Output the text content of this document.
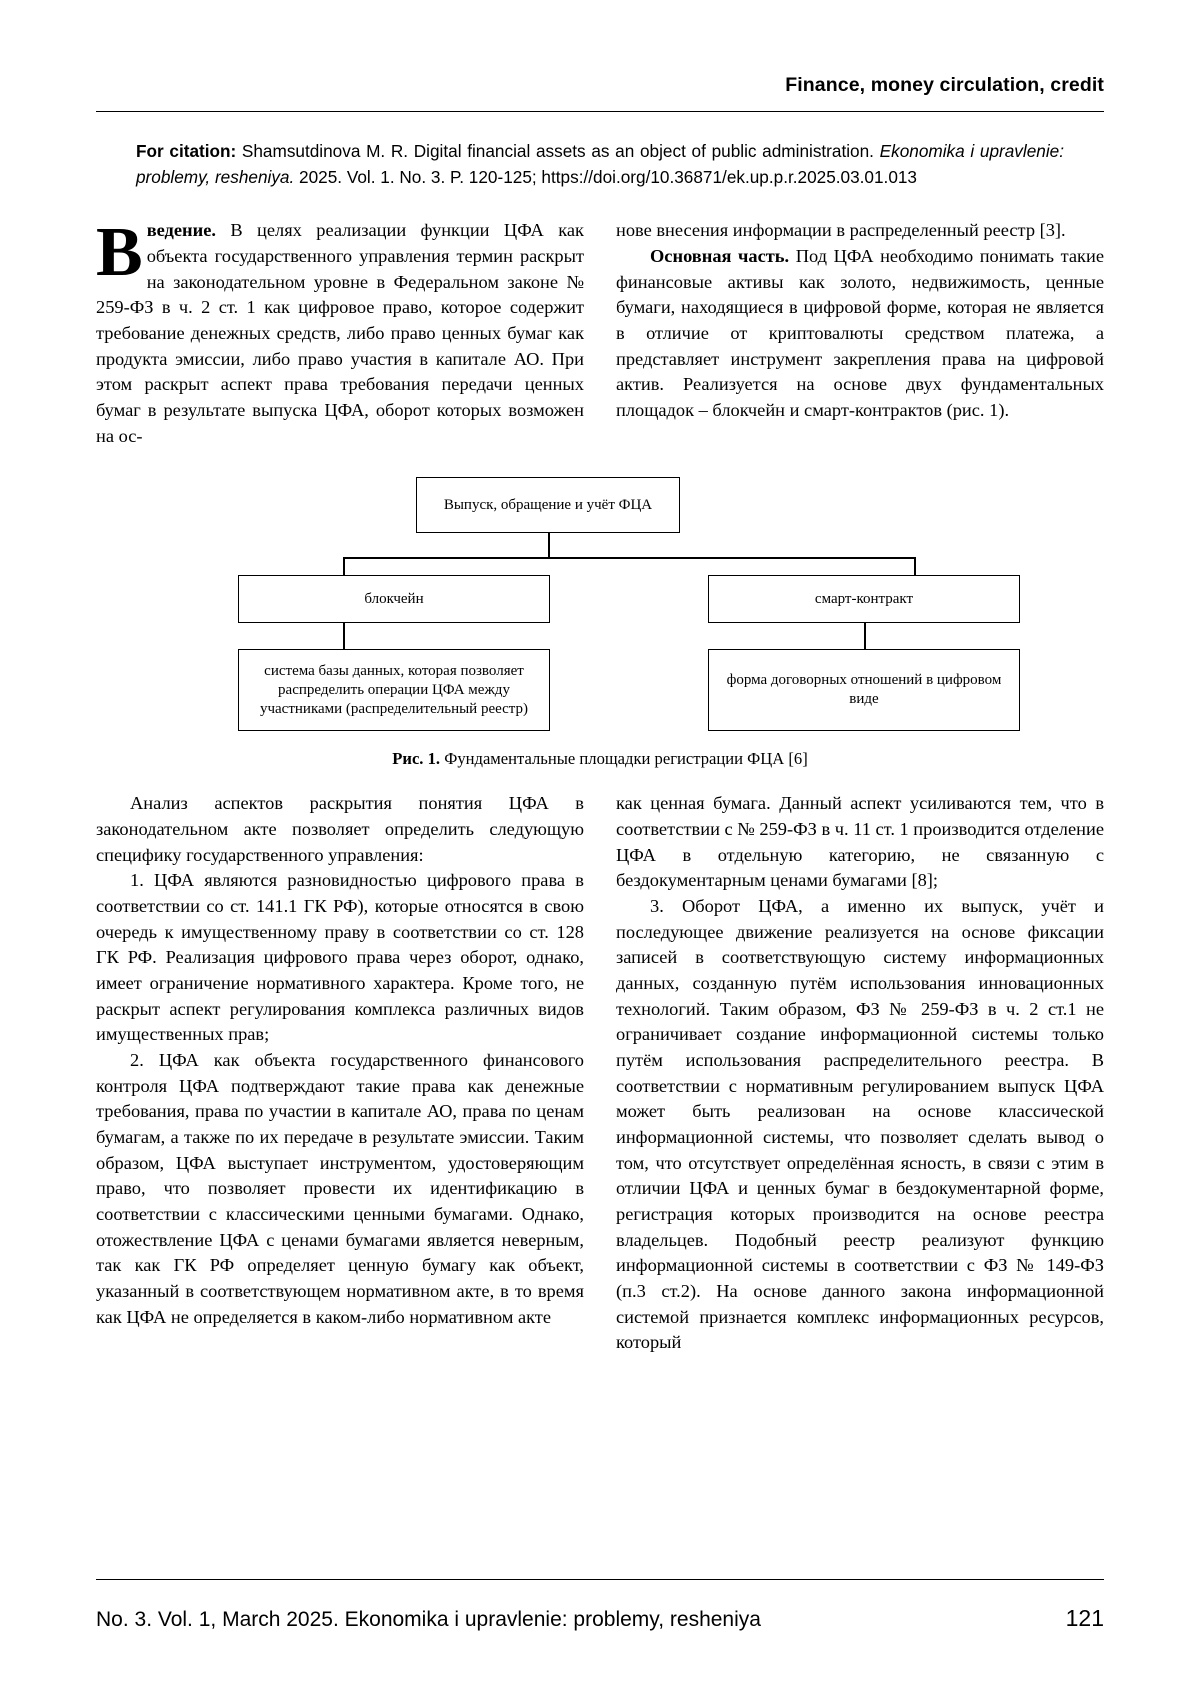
Finance, money circulation, credit
For citation: Shamsutdinova M. R. Digital financial assets as an object of public administration. Ekonomika i upravlenie: problemy, resheniya. 2025. Vol. 1. No. 3. P. 120-125; https://doi.org/10.36871/ek.up.p.r.2025.03.01.013

Введение. В целях реализации функции ЦФА как объекта государственного управления термин раскрыт на законодательном уровне в Федеральном законе № 259-ФЗ в ч. 2 ст. 1 как цифровое право, которое содержит требование денежных средств, либо право ценных бумаг как продукта эмиссии, либо право участия в капитале АО. При этом раскрыт аспект права требования передачи ценных бумаг в результате выпуска ЦФА, оборот которых возможен на ос-

нове внесения информации в распределенный реестр [3].

Основная часть. Под ЦФА необходимо понимать такие финансовые активы как золото, недвижимость, ценные бумаги, находящиеся в цифровой форме, которая не является в отличие от криптовалюты средством платежа, а представляет инструмент закрепления права на цифровой актив. Реализуется на основе двух фундаментальных площадок – блокчейн и смарт-контрактов (рис. 1).

Выпуск, обращение и учёт ФЦА
блокчейн	смарт-контракт
система базы данных, которая позволяет распределить операции ЦФА между участниками (распределительный реестр)
форма договорных отношений в цифровом виде
Рис. 1. Фундаментальные площадки регистрации ФЦА [6]

Анализ аспектов раскрытия понятия ЦФА в законодательном акте позволяет определить следующую специфику государственного управления:

1. ЦФА являются разновидностью цифрового права в соответствии со ст. 141.1 ГК РФ), которые относятся в свою очередь к имущественному праву в соответствии со ст. 128 ГК РФ. Реализация цифрового права через оборот, однако, имеет ограничение нормативного характера. Кроме того, не раскрыт аспект регулирования комплекса различных видов имущественных прав;

2. ЦФА как объекта государственного финансового контроля ЦФА подтверждают такие права как денежные требования, права по участии в капитале АО, права по ценам бумагам, а также по их передаче в результате эмиссии. Таким образом, ЦФА выступает инструментом, удостоверяющим право, что позволяет провести их идентификацию в соответствии с классическими ценными бумагами. Однако, отожествление ЦФА с ценами бумагами является неверным, так как ГК РФ определяет ценную бумагу как объект, указанный в соответствующем нормативном акте, в то время как ЦФА не определяется в каком-либо нормативном акте

как ценная бумага. Данный аспект усиливаются тем, что в соответствии с № 259-ФЗ в ч. 11 ст. 1 производится отделение ЦФА в отдельную категорию, не связанную с бездокументарным ценами бумагами [8];

3. Оборот ЦФА, а именно их выпуск, учёт и последующее движение реализуется на основе фиксации записей в соответствующую систему информационных данных, созданную путём использования инновационных технологий. Таким образом, ФЗ № 259-ФЗ в ч. 2 ст.1 не ограничивает создание информационной системы только путём использования распределительного реестра. В соответствии с нормативным регулированием выпуск ЦФА может быть реализован на основе классической информационной системы, что позволяет сделать вывод о том, что отсутствует определённая ясность, в связи с этим в отличии ЦФА и ценных бумаг в бездокументарной форме, регистрация которых производится на основе реестра владельцев. Подобный реестр реализуют функцию информационной системы в соответствии с ФЗ № 149-ФЗ (п.3 ст.2). На основе данного закона информационной системой признается комплекс информационных ресурсов, который

No. 3. Vol. 1, March 2025. Ekonomika i upravlenie: problemy, resheniya	121
